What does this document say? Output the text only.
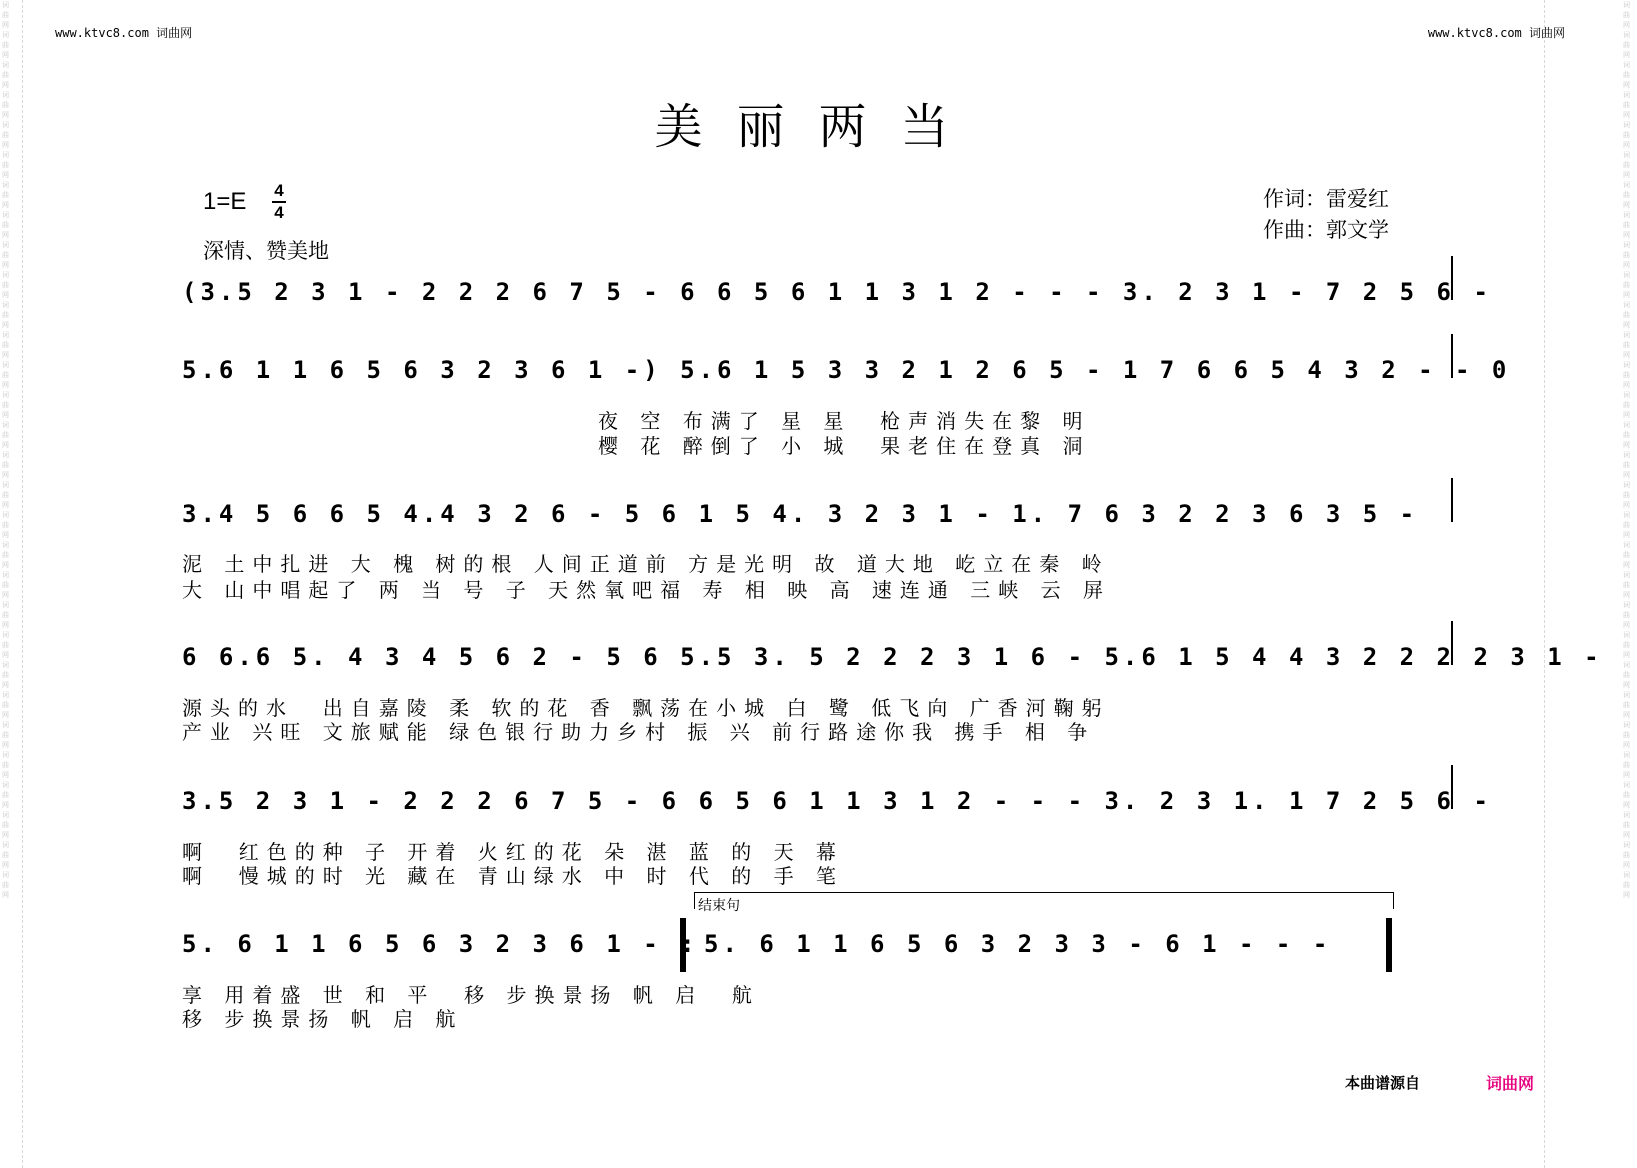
词曲网词曲网词曲网词曲网词曲网词曲网词曲网词曲网词曲网词曲网词曲网词曲网词曲网词曲网词曲网词曲网词曲网词曲网词曲网词曲网词曲网词曲网词曲网词曲网词曲网词曲网词曲网词曲网词曲网词曲网
词曲网词曲网词曲网词曲网词曲网词曲网词曲网词曲网词曲网词曲网词曲网词曲网词曲网词曲网词曲网词曲网词曲网词曲网词曲网词曲网词曲网词曲网词曲网词曲网词曲网词曲网词曲网词曲网词曲网词曲网
www.ktvc8.com 词曲网	www.ktvc8.com 词曲网
美丽两当
1=E 4
4
深情、赞美地
作词：雷爱红
作曲：郭文学
(3.5 2 3 1 - 2 2 2 6 7 5 - 6 6 5 6 1 1 3 1 2 - - - 3. 2 3 1 - 7 2 5 6 -
5.6 1 1 6 5 6 3 2 3 6 1 -) 5.6 1 5 3 3 2 1 2 6 5 - 1 7 6 6 5 4 3 2 - - 0
夜 空 布满了 星 星  枪声消失在黎 明
樱 花 醉倒了 小 城  果老住在登真 洞
3.4 5 6 6 5 4.4 3 2 6 - 5 6 1 5 4. 3 2 3 1 - 1. 7 6 3 2 2 3 6 3 5 -
泥 土中扎进 大 槐 树的根 人间正道前 方是光明 故 道大地 屹立在秦 岭
大 山中唱起了 两 当 号 子 天然氧吧福 寿 相 映 高 速连通 三峡 云 屏
6 6.6 5. 4 3 4 5 6 2 - 5 6 5.5 3. 5 2 2 2 3 1 6 - 5.6 1 5 4 4 3 2 2 2 2 3 1 -
源头的水  出自嘉陵 柔 软的花 香 飘荡在小城 白 鹭 低飞向 广香河鞠躬
产业 兴旺 文旅赋能 绿色银行助力乡村 振 兴 前行路途你我 携手 相 争
3.5 2 3 1 - 2 2 2 6 7 5 - 6 6 5 6 1 1 3 1 2 - - - 3. 2 3 1. 1 7 2 5 6 -
啊  红色的种 子 开着 火红的花 朵 湛 蓝 的 天 幕
啊  慢城的时 光 藏在 青山绿水 中 时 代 的 手 笔
结束句
5. 6 1 1 6 5 6 3 2 3 6 1 - : 5. 6 1 1 6 5 6 3 2 3 3 - 6 1 - - -
享 用着盛 世 和 平  移 步换景扬 帆 启  航
移 步换景扬 帆 启 航
本曲谱源自	词曲网
